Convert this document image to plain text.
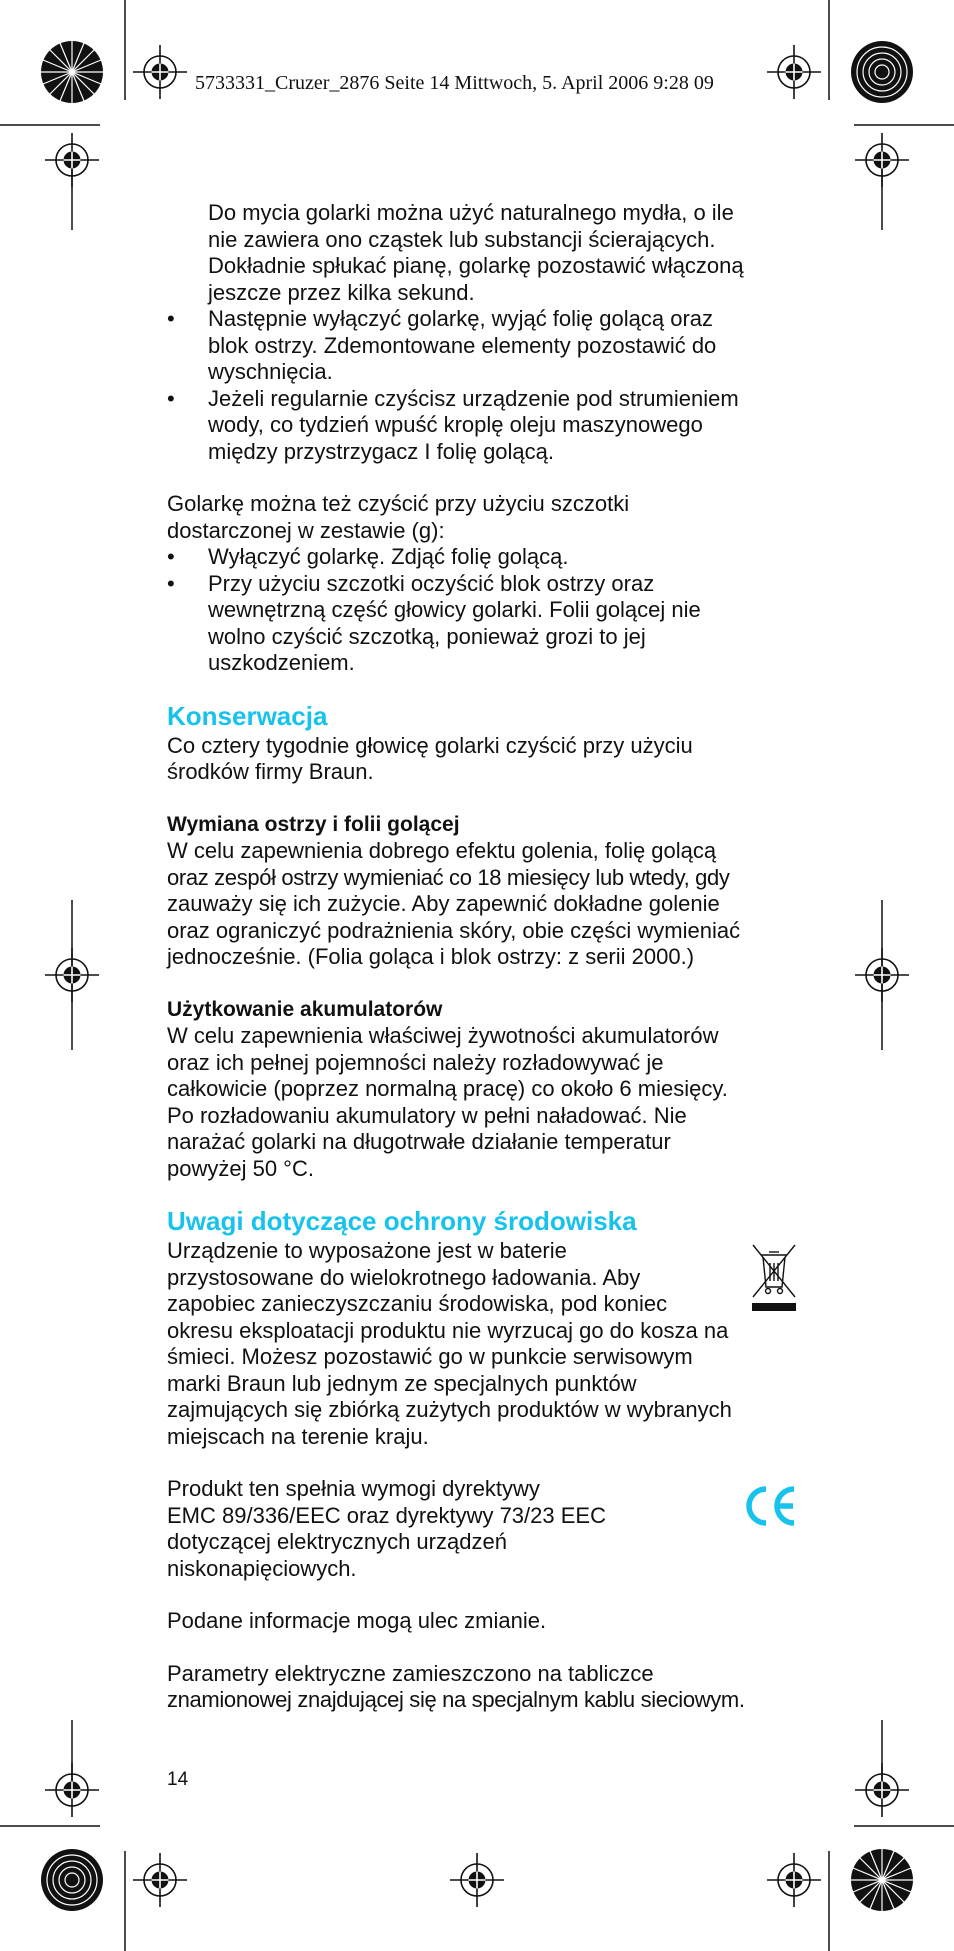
5733331_Cruzer_2876 Seite 14 Mittwoch, 5. April 2006 9:28 09

Do mycia golarki można użyć naturalnego mydła, o ile
nie zawiera ono cząstek lub substancji ścierających.
Dokładnie spłukać pianę, golarkę pozostawić włączoną
jeszcze przez kilka sekund.

• Następnie wyłączyć golarkę, wyjąć folię golącą oraz
blok ostrzy. Zdemontowane elementy pozostawić do
wyschnięcia.
• Jeżeli regularnie czyścisz urządzenie pod strumieniem
wody, co tydzień wpuść kroplę oleju maszynowego
między przystrzygacz I folię golącą.

Golarkę można też czyścić przy użyciu szczotki
dostarczonej w zestawie (g):

• Wyłączyć golarkę. Zdjąć folię golącą.
• Przy użyciu szczotki oczyścić blok ostrzy oraz
wewnętrzną część głowicy golarki. Folii golącej nie
wolno czyścić szczotką, ponieważ grozi to jej
uszkodzeniem.
Konserwacja

Co cztery tygodnie głowicę golarki czyścić przy użyciu
środków firmy Braun.

Wymiana ostrzy i folii golącej

W celu zapewnienia dobrego efektu golenia, folię golącą
oraz zespół ostrzy wymieniać co 18 miesięcy lub wtedy, gdy
zauważy się ich zużycie. Aby zapewnić dokładne golenie
oraz ograniczyć podrażnienia skóry, obie części wymieniać
jednocześnie. (Folia goląca i blok ostrzy: z serii 2000.)

Użytkowanie akumulatorów

W celu zapewnienia właściwej żywotności akumulatorów
oraz ich pełnej pojemności należy rozładowywać je
całkowicie (poprzez normalną pracę) co około 6 miesięcy.
Po rozładowaniu akumulatory w pełni naładować. Nie
narażać golarki na długotrwałe działanie temperatur
powyżej 50 °C.

Uwagi dotyczące ochrony środowiska

Urządzenie to wyposażone jest w baterie
przystosowane do wielokrotnego ładowania. Aby
zapobiec zanieczyszczaniu środowiska, pod koniec
okresu eksploatacji produktu nie wyrzucaj go do kosza na
śmieci. Możesz pozostawić go w punkcie serwisowym
marki Braun lub jednym ze specjalnych punktów
zajmujących się zbiórką zużytych produktów w wybranych
miejscach na terenie kraju.

Produkt ten spełnia wymogi dyrektywy
EMC 89/336/EEC oraz dyrektywy 73/23 EEC
dotyczącej elektrycznych urządzeń
niskonapięciowych.

Podane informacje mogą ulec zmianie.

Parametry elektryczne zamieszczono na tabliczce
znamionowej znajdującej się na specjalnym kablu sieciowym.

14
